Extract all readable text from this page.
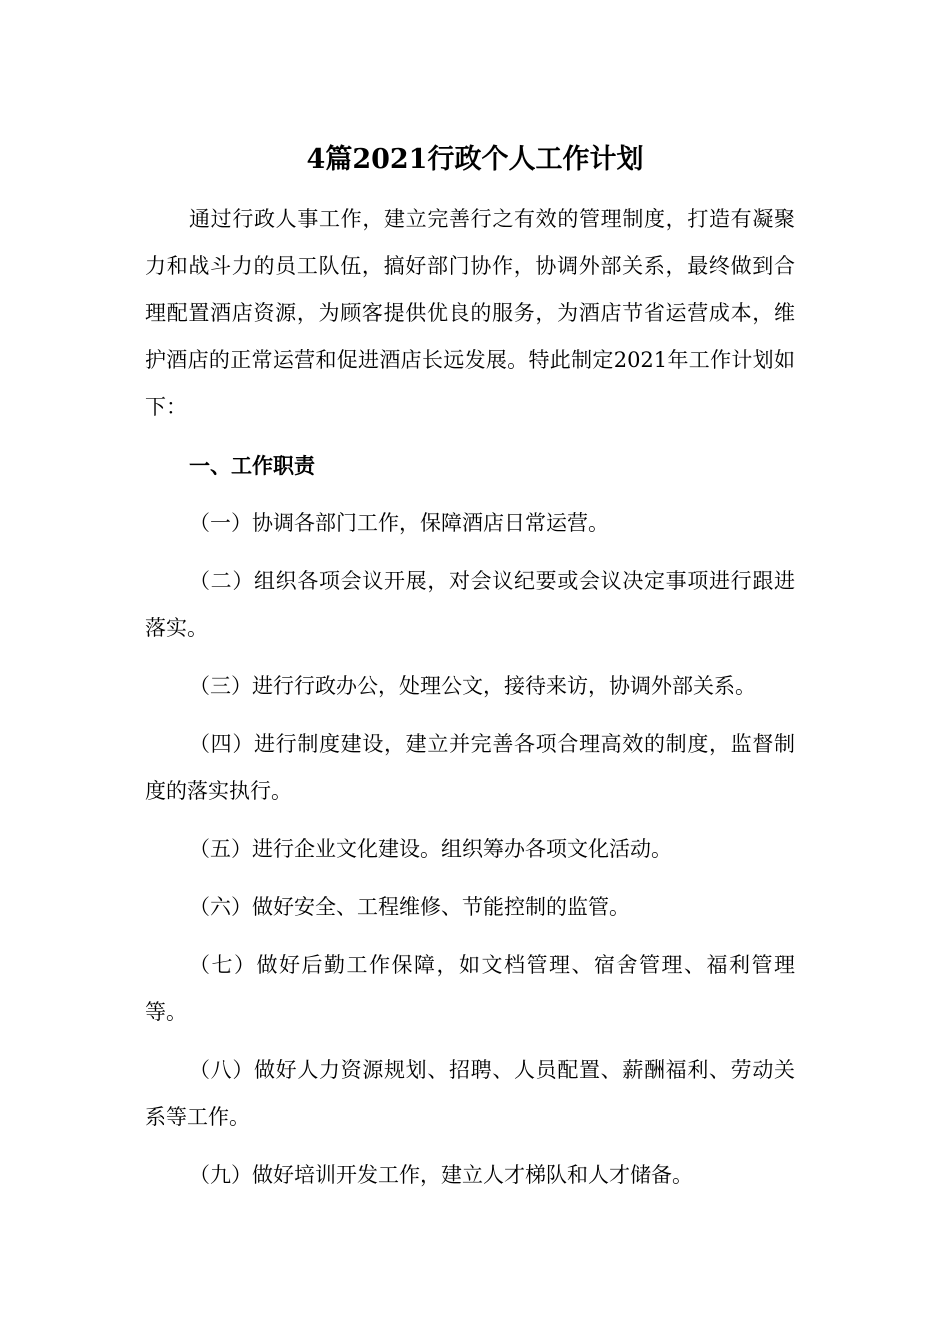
4篇2021行政个人工作计划

通过行政人事工作，建立完善行之有效的管理制度，打造有凝聚力和战斗力的员工队伍，搞好部门协作，协调外部关系，最终做到合理配置酒店资源，为顾客提供优良的服务，为酒店节省运营成本，维护酒店的正常运营和促进酒店长远发展。特此制定2021年工作计划如下：

一、工作职责

（一）协调各部门工作，保障酒店日常运营。

（二）组织各项会议开展，对会议纪要或会议决定事项进行跟进落实。

（三）进行行政办公，处理公文，接待来访，协调外部关系。

（四）进行制度建设，建立并完善各项合理高效的制度，监督制度的落实执行。

（五）进行企业文化建设。组织筹办各项文化活动。

（六）做好安全、工程维修、节能控制的监管。

（七）做好后勤工作保障，如文档管理、宿舍管理、福利管理等。

（八）做好人力资源规划、招聘、人员配置、薪酬福利、劳动关系等工作。

（九）做好培训开发工作，建立人才梯队和人才储备。
